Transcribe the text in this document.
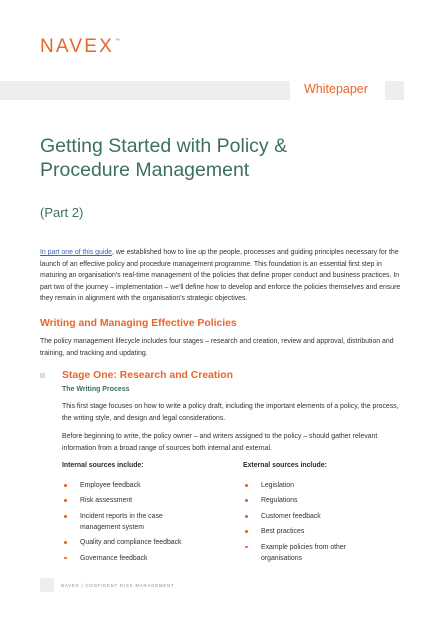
NAVEX™
Whitepaper
Getting Started with Policy & Procedure Management
(Part 2)

In part one of this guide, we established how to line up the people, processes and guiding principles necessary for the launch of an effective policy and procedure management programme. This foundation is an essential first step in maturing an organisation's real-time management of the policies that define proper conduct and business practices. In part two of the journey – implementation – we'll define how to develop and enforce the policies themselves and ensure they remain in alignment with the organisation's strategic objectives.

Writing and Managing Effective Policies

The policy management lifecycle includes four stages – research and creation, review and approval, distribution and training, and tracking and updating.

Stage One: Research and Creation
The Writing Process

This first stage focuses on how to write a policy draft, including the important elements of a policy, the process, the writing style, and design and legal considerations.

Before beginning to write, the policy owner – and writers assigned to the policy – should gather relevant information from a broad range of sources both internal and external.

Internal sources include:	External sources include:
Employee feedback
Risk assessment
Incident reports in the case management system
Quality and compliance feedback
Governance feedback
Legislation
Regulations
Customer feedback
Best practices
Example policies from other organisations
NAVEX | CONFIDENT RISK MANAGEMENT
